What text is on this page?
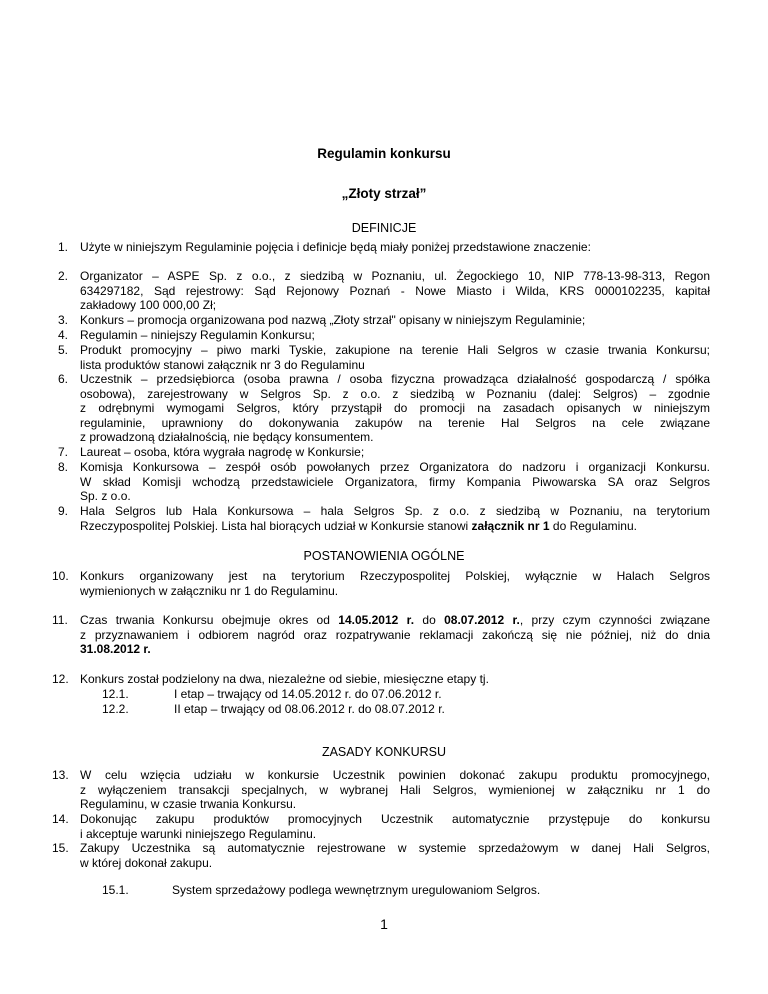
Regulamin konkursu
„Złoty strzał”
DEFINICJE
1. Użyte w niniejszym Regulaminie pojęcia i definicje będą miały poniżej przedstawione znaczenie:
2. Organizator – ASPE Sp. z o.o., z siedzibą w Poznaniu, ul. Żegockiego 10, NIP 778-13-98-313, Regon
634297182, Sąd rejestrowy: Sąd Rejonowy Poznań - Nowe Miasto i Wilda, KRS 0000102235, kapitał
zakładowy 100 000,00 Zł;
3. Konkurs – promocja organizowana pod nazwą „Złoty strzał" opisany w niniejszym Regulaminie;
4. Regulamin – niniejszy Regulamin Konkursu;
5. Produkt promocyjny – piwo marki Tyskie, zakupione na terenie Hali Selgros w czasie trwania Konkursu;
lista produktów stanowi załącznik nr 3 do Regulaminu
6. Uczestnik – przedsiębiorca (osoba prawna / osoba fizyczna prowadząca działalność gospodarczą / spółka
osobowa), zarejestrowany w Selgros Sp. z o.o. z siedzibą w Poznaniu (dalej: Selgros) – zgodnie
z odrębnymi wymogami Selgros, który przystąpił do promocji na zasadach opisanych w niniejszym
regulaminie, uprawniony do dokonywania zakupów na terenie Hal Selgros na cele związane
z prowadzoną działalnością, nie będący konsumentem.
7. Laureat – osoba, która wygrała nagrodę w Konkursie;
8. Komisja Konkursowa – zespół osób powołanych przez Organizatora do nadzoru i organizacji Konkursu.
W skład Komisji wchodzą przedstawiciele Organizatora, firmy Kompania Piwowarska SA oraz Selgros
Sp. z o.o.
9. Hala Selgros lub Hala Konkursowa – hala Selgros Sp. z o.o. z siedzibą w Poznaniu, na terytorium
Rzeczypospolitej Polskiej. Lista hal biorących udział w Konkursie stanowi załącznik nr 1 do Regulaminu.
POSTANOWIENIA OGÓLNE
10. Konkurs organizowany jest na terytorium Rzeczypospolitej Polskiej, wyłącznie w Halach Selgros
wymienionych w załączniku nr 1 do Regulaminu.
11. Czas trwania Konkursu obejmuje okres od 14.05.2012 r. do 08.07.2012 r., przy czym czynności związane
z przyznawaniem i odbiorem nagród oraz rozpatrywanie reklamacji zakończą się nie później, niż do dnia
31.08.2012 r.
12. Konkurs został podzielony na dwa, niezależne od siebie, miesięczne etapy tj.
12.1.	I etap – trwający od 14.05.2012 r. do 07.06.2012 r.
12.2.	II etap – trwający od 08.06.2012 r. do 08.07.2012 r.
ZASADY KONKURSU
13. W celu wzięcia udziału w konkursie Uczestnik powinien dokonać zakupu produktu promocyjnego,
z wyłączeniem transakcji specjalnych, w wybranej Hali Selgros, wymienionej w załączniku nr 1 do
Regulaminu, w czasie trwania Konkursu.
14. Dokonując zakupu produktów promocyjnych Uczestnik automatycznie przystępuje do konkursu
i akceptuje warunki niniejszego Regulaminu.
15. Zakupy Uczestnika są automatycznie rejestrowane w systemie sprzedażowym w danej Hali Selgros,
w której dokonał zakupu.
15.1.	System sprzedażowy podlega wewnętrznym uregulowaniom Selgros.
1
